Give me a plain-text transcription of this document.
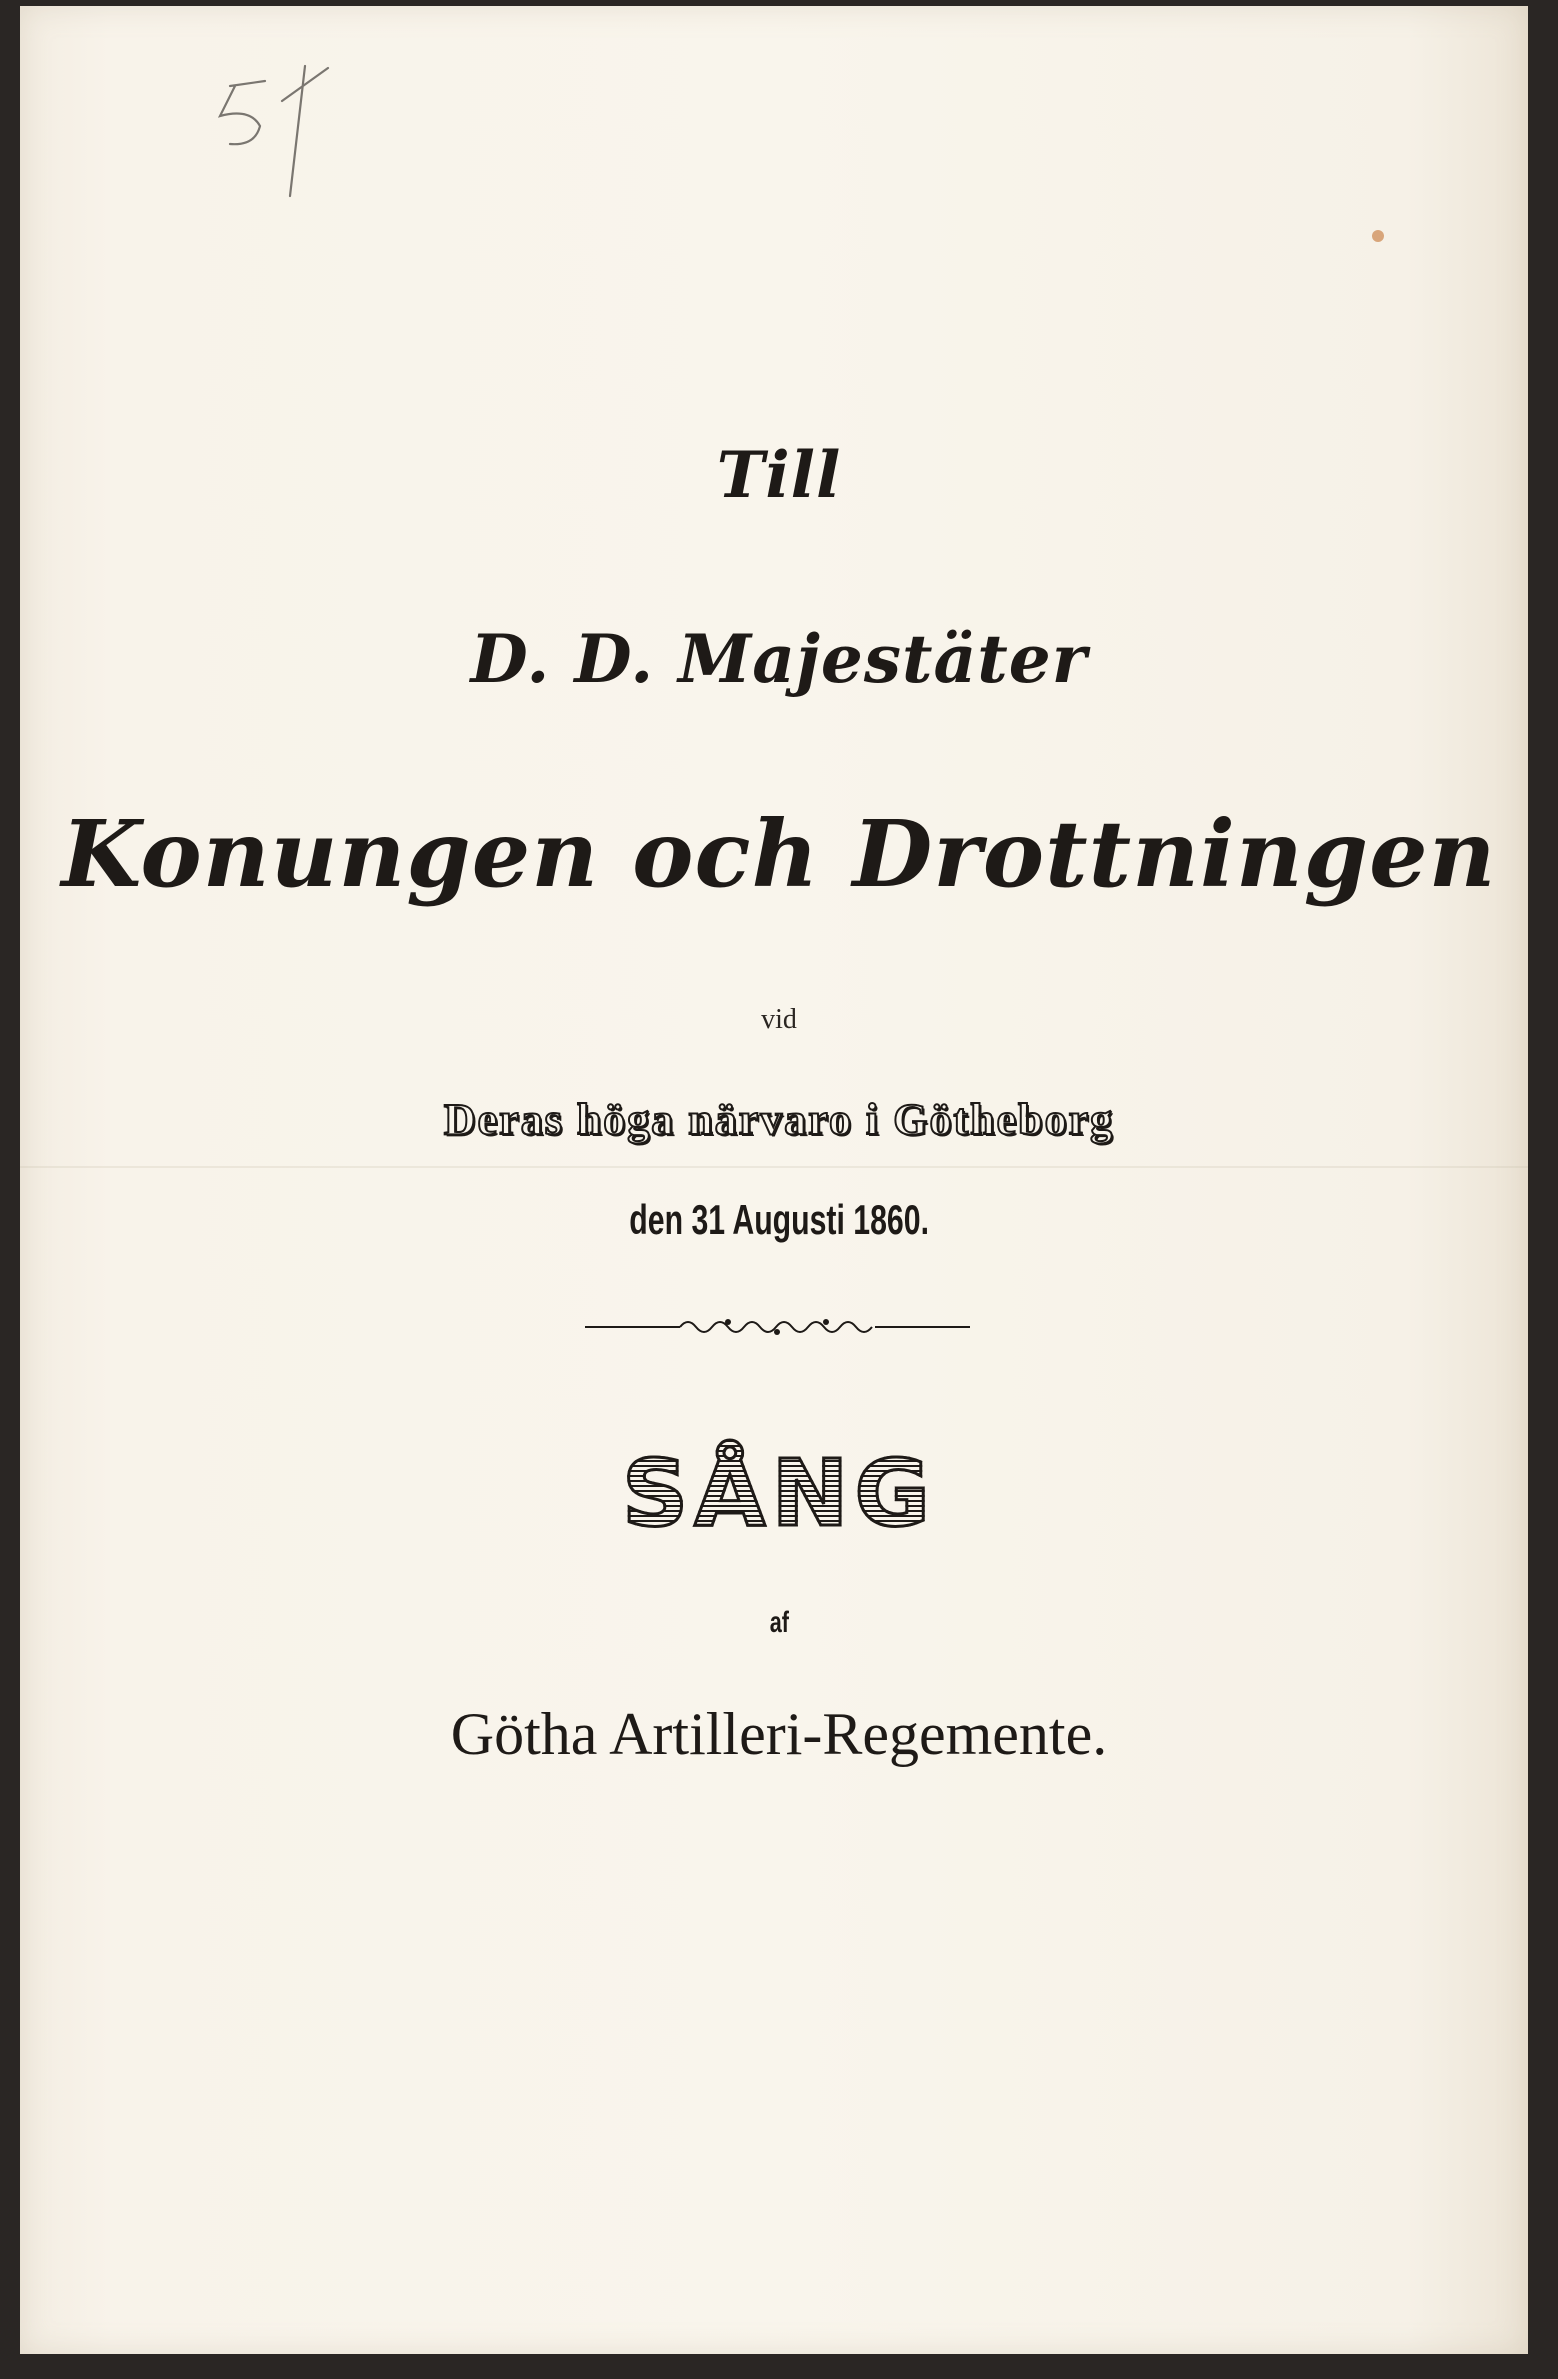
Till
D. D. Majestäter
Konungen och Drottningen
vid
Deras höga närvaro i Götheborg
den 31 Augusti 1860.
SÅNG
af
Götha Artilleri-Regemente.
